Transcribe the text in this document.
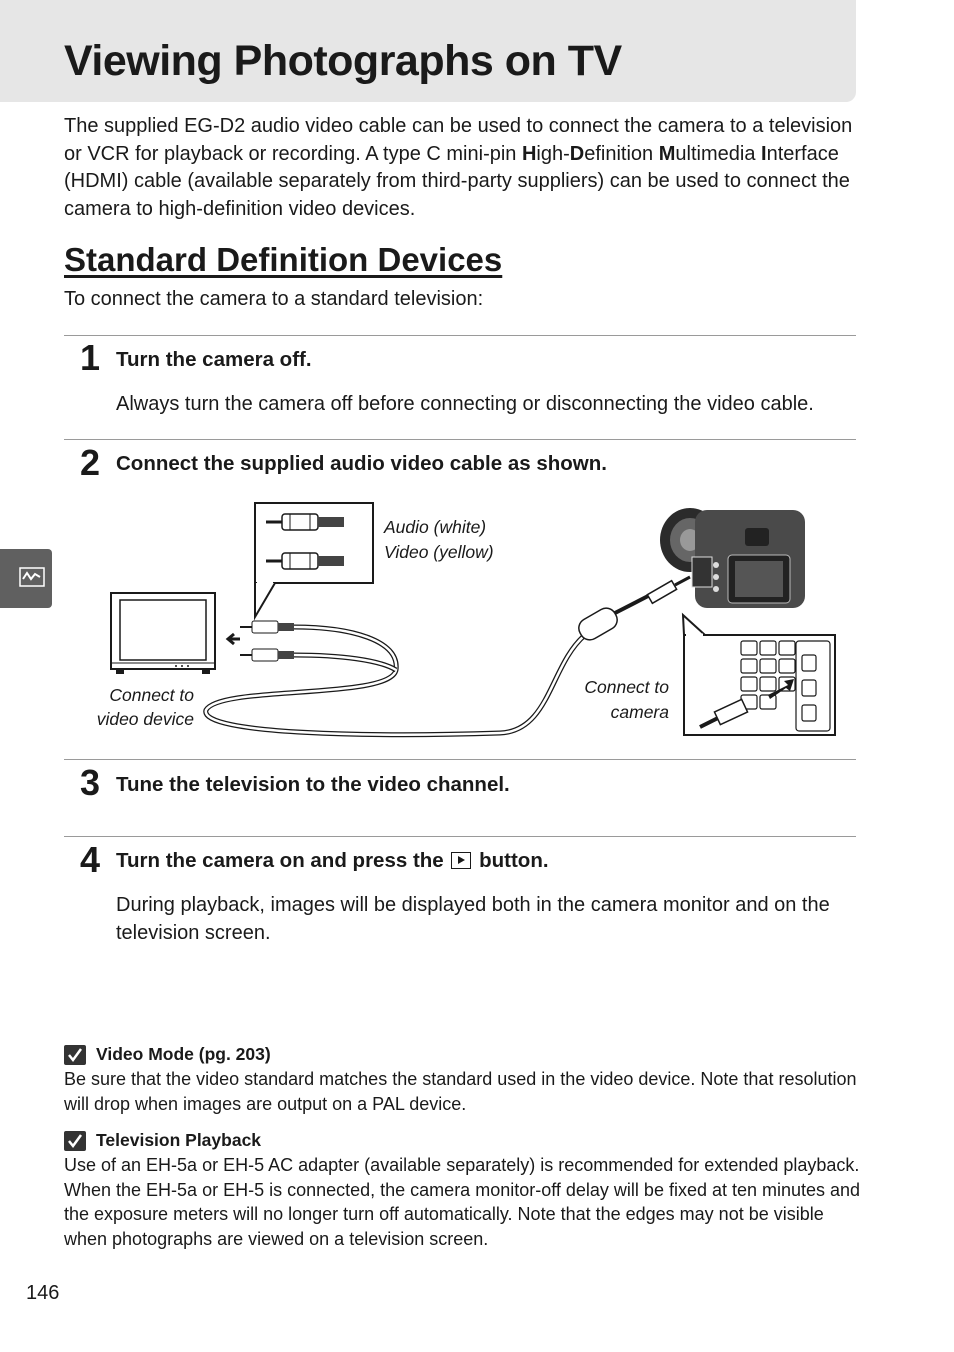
Viewing Photographs on TV

The supplied EG-D2 audio video cable can be used to connect the camera to a television or VCR for playback or recording. A type C mini-pin High-Definition Multimedia Interface (HDMI) cable (available separately from third-party suppliers) can be used to connect the camera to high-definition video devices.

Standard Definition Devices
To connect the camera to a standard television:
1 Turn the camera off.
Always turn the camera off before connecting or disconnecting the video cable.
2 Connect the supplied audio video cable as shown.
Audio (white)
Video (yellow)
Connect to
video device
Connect to
camera
3 Tune the television to the video channel.
4 Turn the camera on and press the button.
During playback, images will be displayed both in the camera monitor and on the television screen.
Video Mode (pg. 203)
Be sure that the video standard matches the standard used in the video device. Note that resolution will drop when images are output on a PAL device.
Television Playback
Use of an EH-5a or EH-5 AC adapter (available separately) is recommended for extended playback. When the EH-5a or EH-5 is connected, the camera monitor-off delay will be fixed at ten minutes and the exposure meters will no longer turn off automatically. Note that the edges may not be visible when photographs are viewed on a television screen.
146
